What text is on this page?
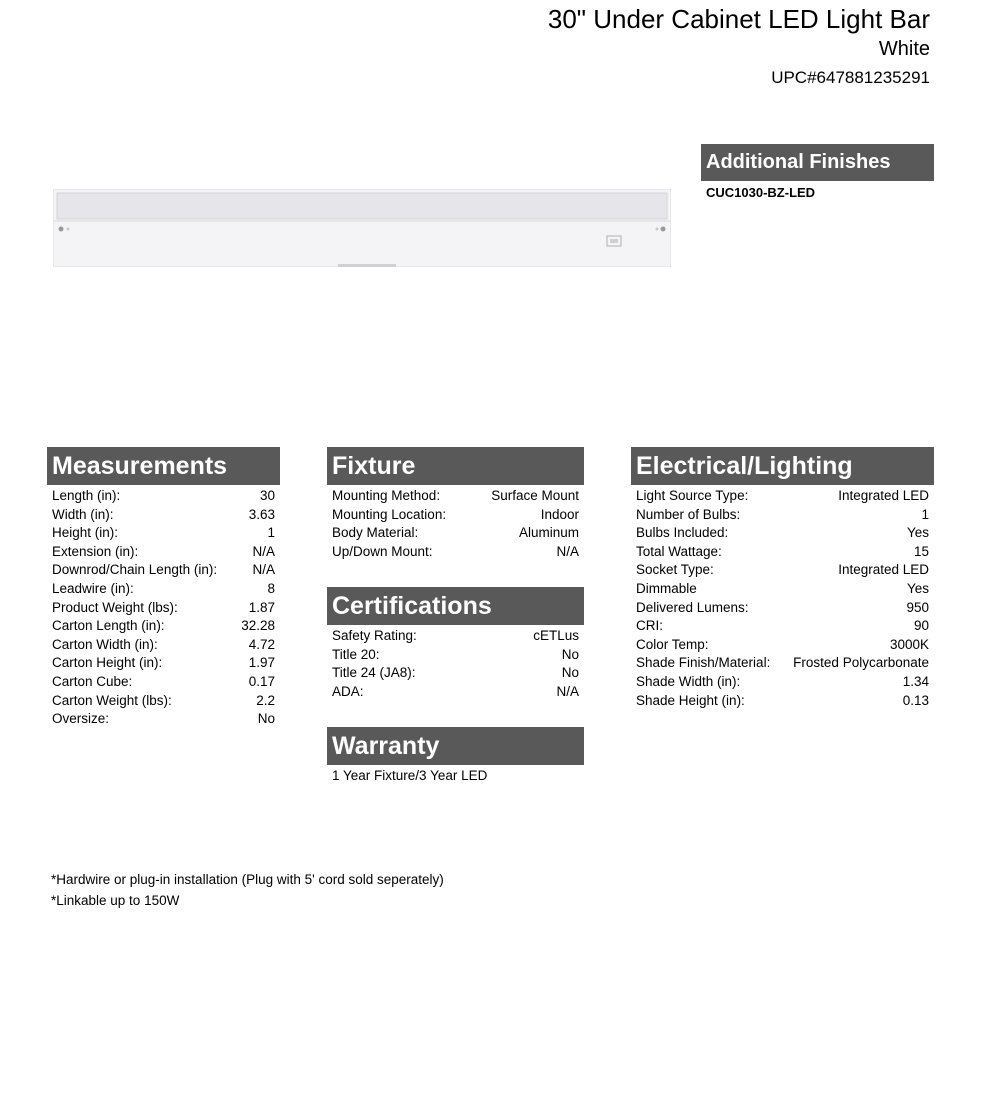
30" Under Cabinet LED Light Bar
White
UPC#647881235291
Additional Finishes
CUC1030-BZ-LED
Measurements
Length (in):	30
Width (in):	3.63
Height (in):	1
Extension (in):	N/A
Downrod/Chain Length (in):	N/A
Leadwire (in):	8
Product Weight (lbs):	1.87
Carton Length (in):	32.28
Carton Width (in):	4.72
Carton Height (in):	1.97
Carton Cube:	0.17
Carton Weight (lbs):	2.2
Oversize:	No
Fixture
Mounting Method:	Surface Mount
Mounting Location:	Indoor
Body Material:	Aluminum
Up/Down Mount:	N/A
Certifications
Safety Rating:	cETLus
Title 20:	No
Title 24 (JA8):	No
ADA:	N/A
Warranty
1 Year Fixture/3 Year LED
Electrical/Lighting
Light Source Type:	Integrated LED
Number of Bulbs:	1
Bulbs Included:	Yes
Total Wattage:	15
Socket Type:	Integrated LED
Dimmable	Yes
Delivered Lumens:	950
CRI:	90
Color Temp:	3000K
Shade Finish/Material: Frosted Polycarbonate
Shade Width (in):	1.34
Shade Height (in):	0.13
*Hardwire or plug-in installation (Plug with 5' cord sold seperately)
*Linkable up to 150W
